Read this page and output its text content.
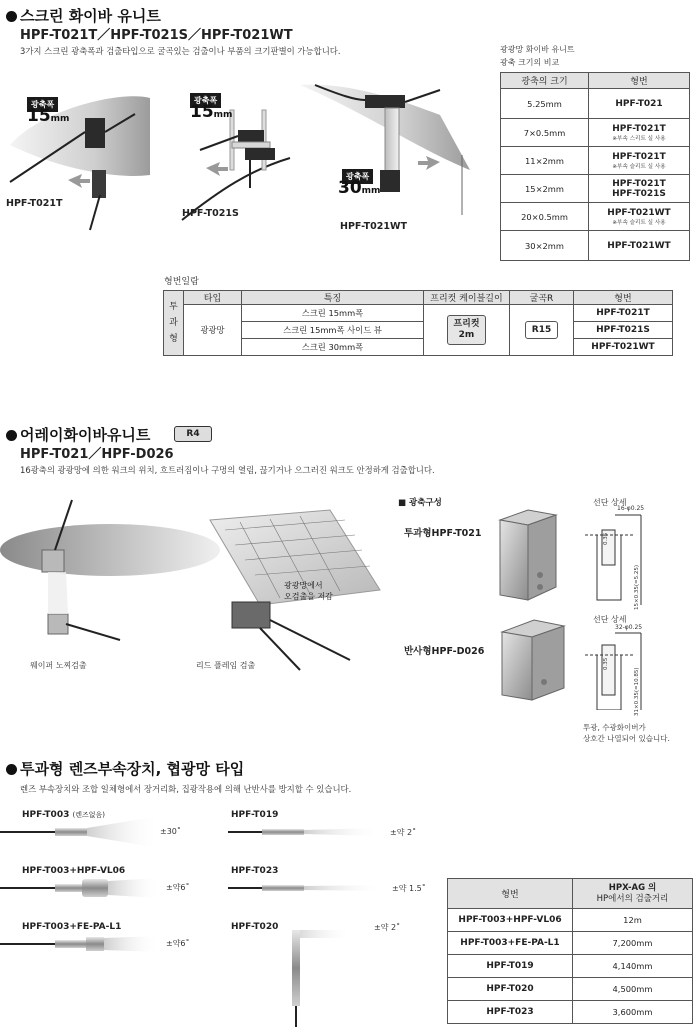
스크린 화이바 유니트
HPF-T021T／HPF-T021S／HPF-T021WT
3가지 스크린 광축폭과 검출타입으로 굴곡있는 검출이나 부품의 크기판별이 가능합니다.
광축폭
15mm
HPF-T021T
광축폭
15mm
HPF-T021S
광축폭
30mm
HPF-T021WT
광광망 화이바 유니트
광축 크기의 비교
광축의 크기	형번
5.25mm	HPF-T021
7×0.5mm	HPF-T021T
※부속 스리트 실 사용

11×2mm	HPF-T021T
※부속 슬리트 실 사용

15×2mm	HPF-T021T
HPF-T021S
20×0.5mm	HPF-T021WT
※부속 슬리트 실 사용

30×2mm	HPF-T021WT
형번일람
투
과
형	타입	특징	프리컷 케이블길이	굴곡R	형번
	광광망	스크린 15mm폭	프리컷
2m	R15	HPF-T021T
		스크린 15mm폭 사이드 뷰			HPF-T021S
		스크린 30mm폭			HPF-T021WT
어레이화이바유니트	R4
HPF-T021／HPF-D026
16광축의 광광망에 의한 워크의 위치, 흐트러짐이나 구멍의 열림, 끊기거나 으그러진 워크도 안정하게 검출합니다.
광광망에서
오검출을 저감
웨이퍼 노찌검출	리드 플레임 검출
■ 광축구성
투과형HPF-T021
반사형HPF-D026
선단 상세
선단 상세
16-φ0.25
0.35
15×0.35(=5.25)
32-φ0.25
0.35
31×0.35(=10.85)
투광, 수광화이버가
상호간 나열되어 있습니다.
투과형 렌즈부속장치, 협광망 타입
렌즈 부속장치와 조합 일체형에서 장거리화, 집광작용에 의해 난반사를 방지할 수 있습니다.
HPF-T003 (렌즈없음)
HPF-T003+HPF-VL06
HPF-T003+FE-PA-L1
HPF-T019
HPF-T023
HPF-T020
±30˚
±약6˚
±약6˚
±약 2˚
±약 1.5˚
±약 2˚
형번	HPX-AG 의
HP에서의 검출거리
HPF-T003+HPF-VL06	12m
HPF-T003+FE-PA-L1	7,200mm
HPF-T019	4,140mm
HPF-T020	4,500mm
HPF-T023	3,600mm
